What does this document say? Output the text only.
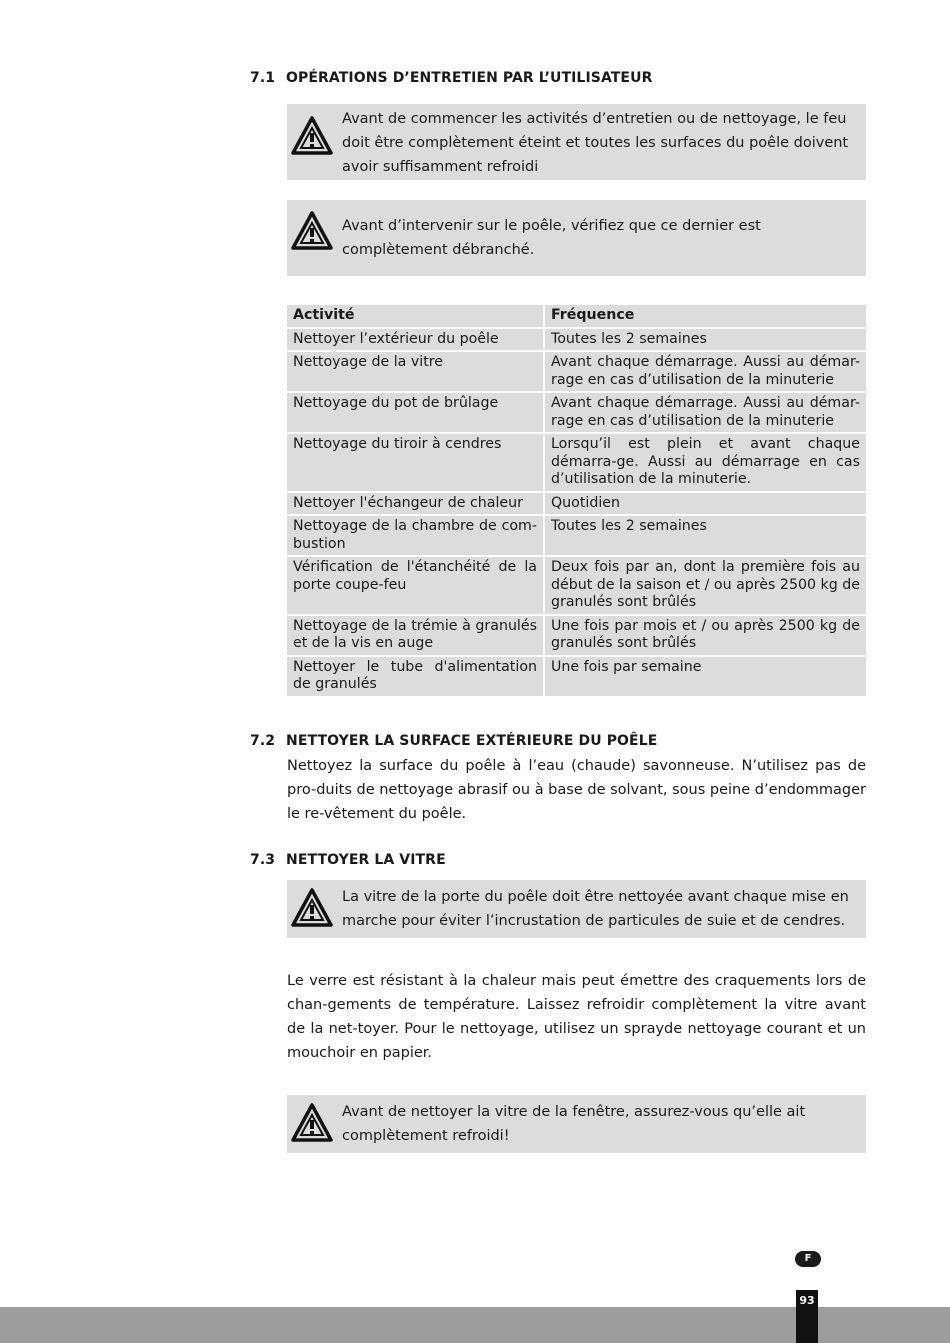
7.1 OPÉRATIONS D’ENTRETIEN PAR L’UTILISATEUR
Avant de commencer les activités d’entretien ou de nettoyage, le feu doit être complètement éteint et toutes les surfaces du poêle doivent avoir suffisamment refroidi
Avant d’intervenir sur le poêle, vérifiez que ce dernier est complètement débranché.
Activité	Fréquence
Nettoyer l’extérieur du poêle	Toutes les 2 semaines
Nettoyage de la vitre	Avant chaque démarrage. Aussi au démar-rage en cas d’utilisation de la minuterie
Nettoyage du pot de brûlage	Avant chaque démarrage. Aussi au démar-rage en cas d’utilisation de la minuterie
Nettoyage du tiroir à cendres	Lorsqu’il est plein et avant chaque démarra-ge. Aussi au démarrage en cas d’utilisation de la minuterie.
Nettoyer l'échangeur de chaleur	Quotidien
Nettoyage de la chambre de com-bustion	Toutes les 2 semaines
Vérification de l'étanchéité de la porte coupe-feu	Deux fois par an, dont la première fois au début de la saison et / ou après 2500 kg de granulés sont brûlés
Nettoyage de la trémie à granulés et de la vis en auge	Une fois par mois et / ou après 2500 kg de granulés sont brûlés
Nettoyer le tube d'alimentation de granulés	Une fois par semaine
7.2 NETTOYER LA SURFACE EXTÉRIEURE DU POÊLE
Nettoyez la surface du poêle à l’eau (chaude) savonneuse. N’utilisez pas de pro-duits de nettoyage abrasif ou à base de solvant, sous peine d’endommager le re-vêtement du poêle.
7.3 NETTOYER LA VITRE
La vitre de la porte du poêle doit être nettoyée avant chaque mise en marche pour éviter l’incrustation de particules de suie et de cendres.
Le verre est résistant à la chaleur mais peut émettre des craquements lors de chan-gements de température. Laissez refroidir complètement la vitre avant de la net-toyer. Pour le nettoyage, utilisez un sprayde nettoyage courant et un mouchoir en papier.
Avant de nettoyer la vitre de la fenêtre, assurez-vous qu’elle ait complètement refroidi!
F
93
